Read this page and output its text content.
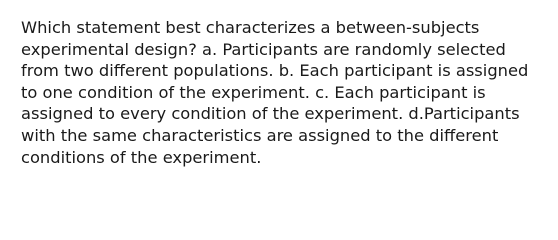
Which statement best characterizes a between-subjects experimental design? a. Participants are randomly selected from two different populations. b. Each participant is assigned to one condition of the experiment. c. Each participant is assigned to every condition of the experiment. d.Participants with the same characteristics are assigned to the different conditions of the experiment.
